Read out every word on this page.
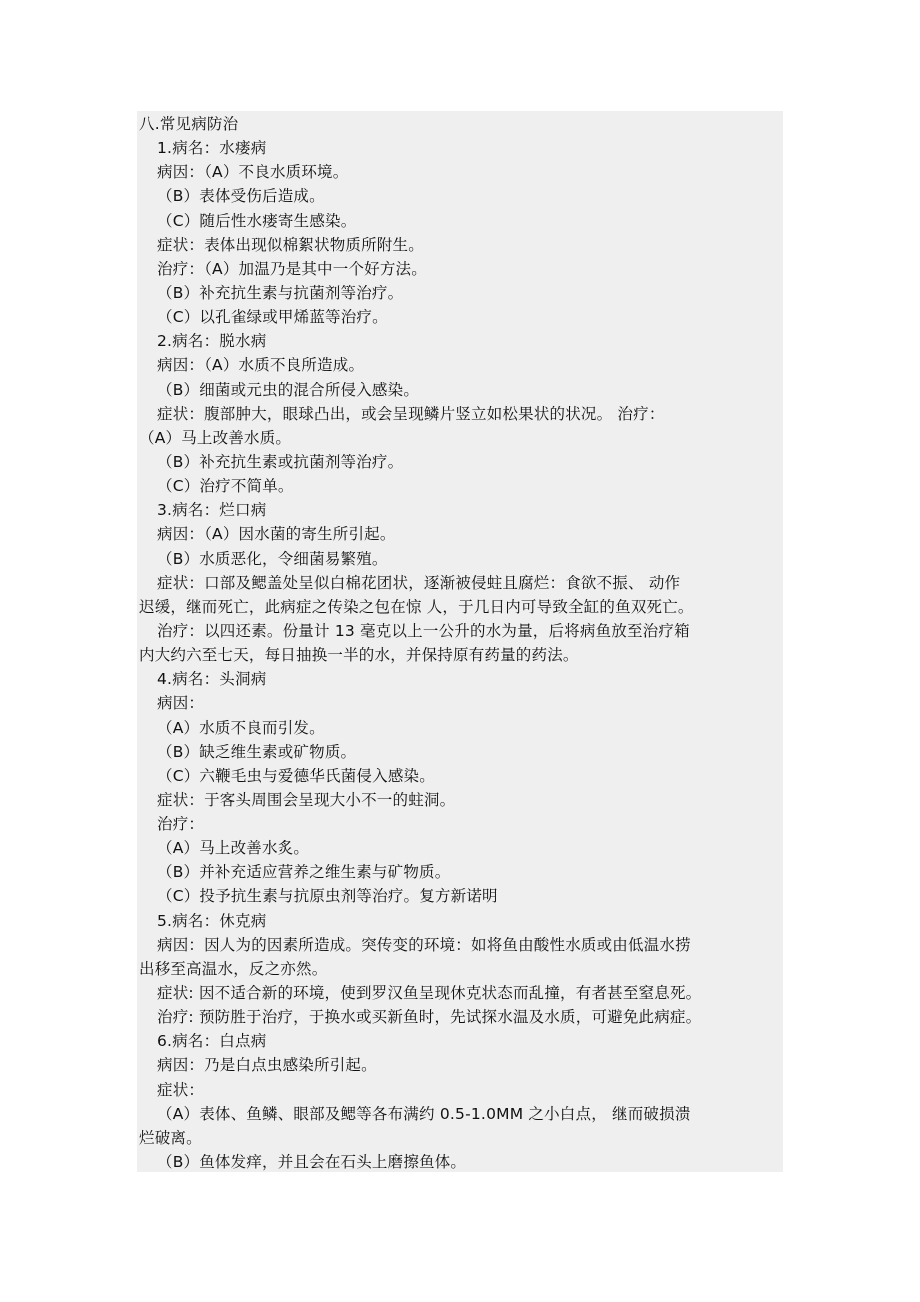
八.常见病防治
1.病名：水瘘病
病因：（A）不良水质环境。
（B）表体受伤后造成。
（C）随后性水瘘寄生感染。
症状：表体出现似棉絮状物质所附生。
治疗：（A）加温乃是其中一个好方法。
（B）补充抗生素与抗菌剂等治疗。
（C）以孔雀绿或甲烯蓝等治疗。
2.病名：脱水病
病因：（A）水质不良所造成。
（B）细菌或元虫的混合所侵入感染。
症状：腹部肿大，眼球凸出，或会呈现鳞片竖立如松果状的状况。 治疗：
（A）马上改善水质。
（B）补充抗生素或抗菌剂等治疗。
（C）治疗不简单。
3.病名：烂口病
病因：（A）因水菌的寄生所引起。
（B）水质恶化，令细菌易繁殖。
症状：口部及鳃盖处呈似白棉花团状，逐渐被侵蛀且腐烂：食欲不振、 动作
迟缓，继而死亡，此病症之传染之包在惊 人，于几日内可导致全缸的鱼双死亡。
治疗：以四还素。份量计 13 毫克以上一公升的水为量，后将病鱼放至治疗箱
内大约六至七天，每日抽换一半的水，并保持原有药量的药法。
4.病名：头洞病
病因：
（A）水质不良而引发。
（B）缺乏维生素或矿物质。
（C）六鞭毛虫与爱德华氏菌侵入感染。
症状：于客头周围会呈现大小不一的蛀洞。
治疗：
（A）马上改善水炙。
（B）并补充适应营养之维生素与矿物质。
（C）投予抗生素与抗原虫剂等治疗。复方新诺明
5.病名：休克病
病因：因人为的因素所造成。突传变的环境：如将鱼由酸性水质或由低温水捞
出移至高温水，反之亦然。
症状: 因不适合新的环境，使到罗汉鱼呈现休克状态而乱撞，有者甚至窒息死。
治疗: 预防胜于治疗，于换水或买新鱼时，先试探水温及水质，可避免此病症。
6.病名：白点病
病因：乃是白点虫感染所引起。
症状：
（A）表体、鱼鳞、眼部及鳃等各布满约 0.5-1.0MM 之小白点， 继而破损溃
烂破离。
（B）鱼体发痒，并且会在石头上磨擦鱼体。
